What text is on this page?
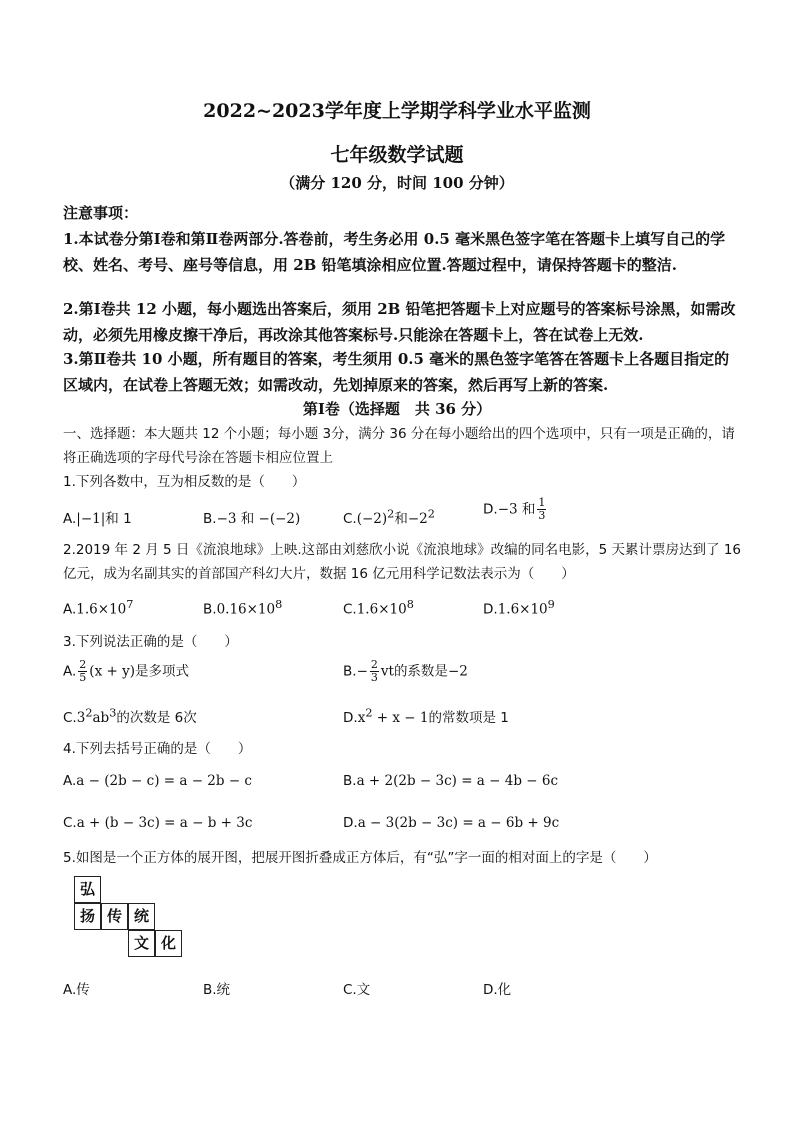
2022~2023学年度上学期学科学业水平监测
七年级数学试题
（满分 120 分，时间 100 分钟）
注意事项：
1.本试卷分第Ⅰ卷和第Ⅱ卷两部分.答卷前，考生务必用 0.5 毫米黑色签字笔在答题卡上填写自己的学校、姓名、考号、座号等信息，用 2B 铅笔填涂相应位置.答题过程中，请保持答题卡的整洁.
2.第Ⅰ卷共 12 小题，每小题选出答案后，须用 2B 铅笔把答题卡上对应题号的答案标号涂黑，如需改动，必须先用橡皮擦干净后，再改涂其他答案标号.只能涂在答题卡上，答在试卷上无效.
3.第Ⅱ卷共 10 小题，所有题目的答案，考生须用 0.5 毫米的黑色签字笔答在答题卡上各题目指定的区域内，在试卷上答题无效；如需改动，先划掉原来的答案，然后再写上新的答案.
第Ⅰ卷（选择题　共 36 分）
一、选择题：本大题共 12 个小题；每小题 3分，满分 36 分在每小题给出的四个选项中，只有一项是正确的，请将正确选项的字母代号涂在答题卡相应位置上
1.下列各数中，互为相反数的是（　　）
A.|−1|和 1	B.−3 和 −(−2)	$C.(-2)^2$和$-2^2$	D.−3 和 $\frac{1}{3}$
2.2019 年 2 月 5 日《流浪地球》上映.这部由刘慈欣小说《流浪地球》改编的同名电影，5 天累计票房达到了 16 亿元，成为名副其实的首部国产科幻大片，数据 16 亿元用科学记数法表示为（　　）
$A.1.6\times 10^7$	$B.0.16\times 10^8$	$C.1.6\times 10^8$	$D.1.6\times 10^9$
3.下列说法正确的是（　　）
A. $\frac{2}{5} (x + y)$是多项式	$B.- \frac{2}{3}$ vt的系数是−2
$C.3^2ab^3$的次数是 6次	$D.x^2 + x - 1$的常数项是 1
4.下列去括号正确的是（　　）
A.a − (2b − c) = a − 2b − c	B.a + 2(2b − 3c) = a − 4b − 6c
C.a + (b − 3c) = a − b + 3c	D.a − 3(2b − 3c) = a − 6b + 9c
5.如图是一个正方体的展开图，把展开图折叠成正方体后，有“弘”字一面的相对面上的字是（　　）
弘
扬 传 统
文 化
A.传	B.统	C.文	D.化
